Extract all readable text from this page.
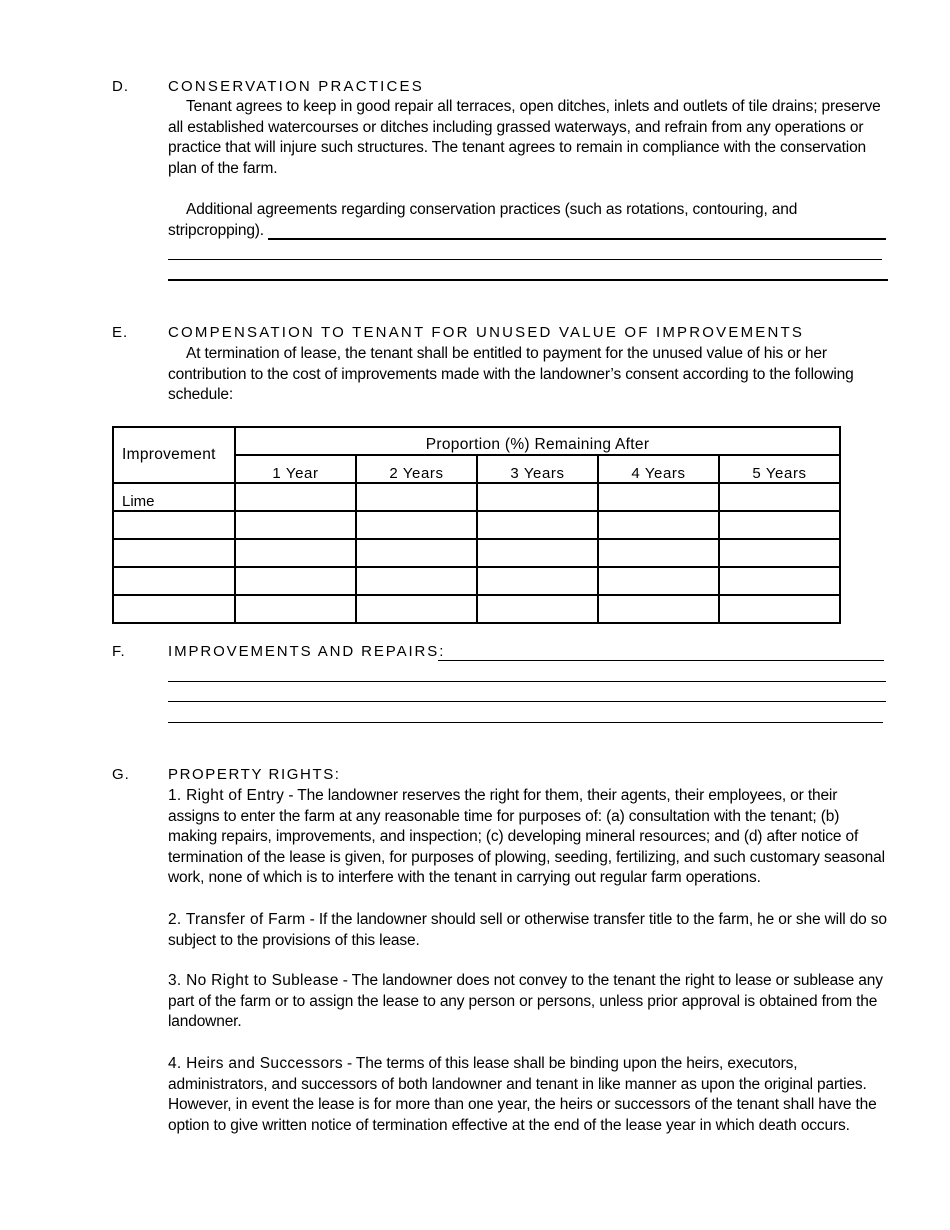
D.	CONSERVATION PRACTICES
Tenant agrees to keep in good repair all terraces, open ditches, inlets and outlets of tile drains; preserve all established watercourses or ditches including grassed waterways, and refrain from any operations or practice that will injure such structures. The tenant agrees to remain in compliance with the conservation plan of the farm.
Additional agreements regarding conservation practices (such as rotations, contouring, and
stripcropping).
E.	COMPENSATION TO TENANT FOR UNUSED VALUE OF IMPROVEMENTS
At termination of lease, the tenant shall be entitled to payment for the unused value of his or her contribution to the cost of improvements made with the landowner’s consent according to the following schedule:
Improvement	Proportion (%) Remaining After				
	1 Year	2 Years	3 Years	4 Years	5 Years
Lime					

F.	IMPROVEMENTS AND REPAIRS:
G.	PROPERTY RIGHTS:
1. Right of Entry - The landowner reserves the right for them, their agents, their employees, or their assigns to enter the farm at any reasonable time for purposes of: (a) consultation with the tenant; (b) making repairs, improvements, and inspection; (c) developing mineral resources; and (d) after notice of termination of the lease is given, for purposes of plowing, seeding, fertilizing, and such customary seasonal work, none of which is to interfere with the tenant in carrying out regular farm operations.
2. Transfer of Farm - If the landowner should sell or otherwise transfer title to the farm, he or she will do so subject to the provisions of this lease.
3. No Right to Sublease - The landowner does not convey to the tenant the right to lease or sublease any part of the farm or to assign the lease to any person or persons, unless prior approval is obtained from the landowner.
4. Heirs and Successors - The terms of this lease shall be binding upon the heirs, executors, administrators, and successors of both landowner and tenant in like manner as upon the original parties. However, in event the lease is for more than one year, the heirs or successors of the tenant shall have the option to give written notice of termination effective at the end of the lease year in which death occurs.
